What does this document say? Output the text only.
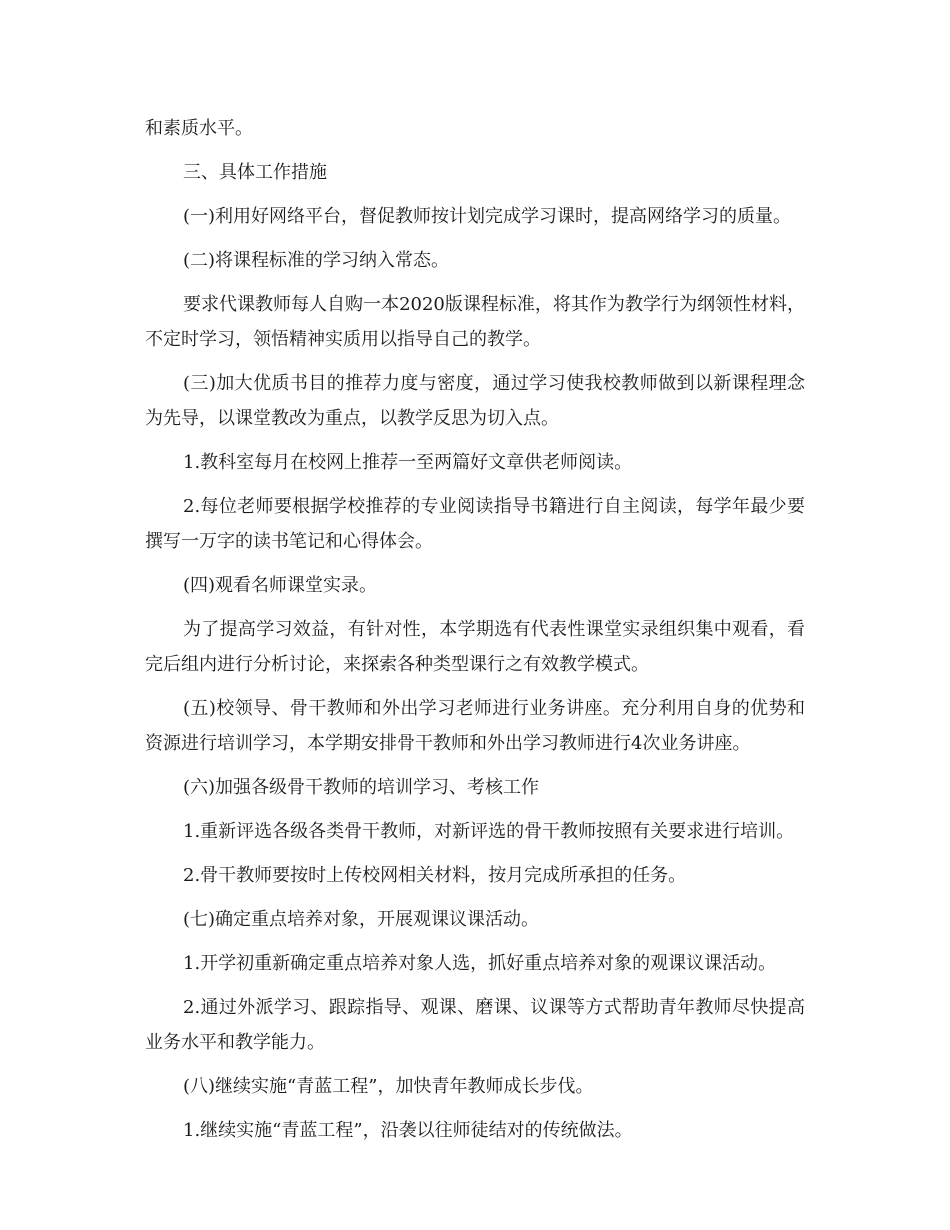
和素质水平。

三、具体工作措施

(一)利用好网络平台，督促教师按计划完成学习课时，提高网络学习的质量。

(二)将课程标准的学习纳入常态。

要求代课教师每人自购一本2020版课程标准，将其作为教学行为纲领性材料，不定时学习，领悟精神实质用以指导自己的教学。

(三)加大优质书目的推荐力度与密度，通过学习使我校教师做到以新课程理念为先导，以课堂教改为重点，以教学反思为切入点。

1.教科室每月在校网上推荐一至两篇好文章供老师阅读。

2.每位老师要根据学校推荐的专业阅读指导书籍进行自主阅读，每学年最少要撰写一万字的读书笔记和心得体会。

(四)观看名师课堂实录。

为了提高学习效益，有针对性，本学期选有代表性课堂实录组织集中观看，看完后组内进行分析讨论，来探索各种类型课行之有效教学模式。

(五)校领导、骨干教师和外出学习老师进行业务讲座。充分利用自身的优势和资源进行培训学习，本学期安排骨干教师和外出学习教师进行4次业务讲座。

(六)加强各级骨干教师的培训学习、考核工作

1.重新评选各级各类骨干教师，对新评选的骨干教师按照有关要求进行培训。

2.骨干教师要按时上传校网相关材料，按月完成所承担的任务。

(七)确定重点培养对象，开展观课议课活动。

1.开学初重新确定重点培养对象人选，抓好重点培养对象的观课议课活动。

2.通过外派学习、跟踪指导、观课、磨课、议课等方式帮助青年教师尽快提高业务水平和教学能力。

(八)继续实施“青蓝工程”，加快青年教师成长步伐。

1.继续实施“青蓝工程”，沿袭以往师徒结对的传统做法。
